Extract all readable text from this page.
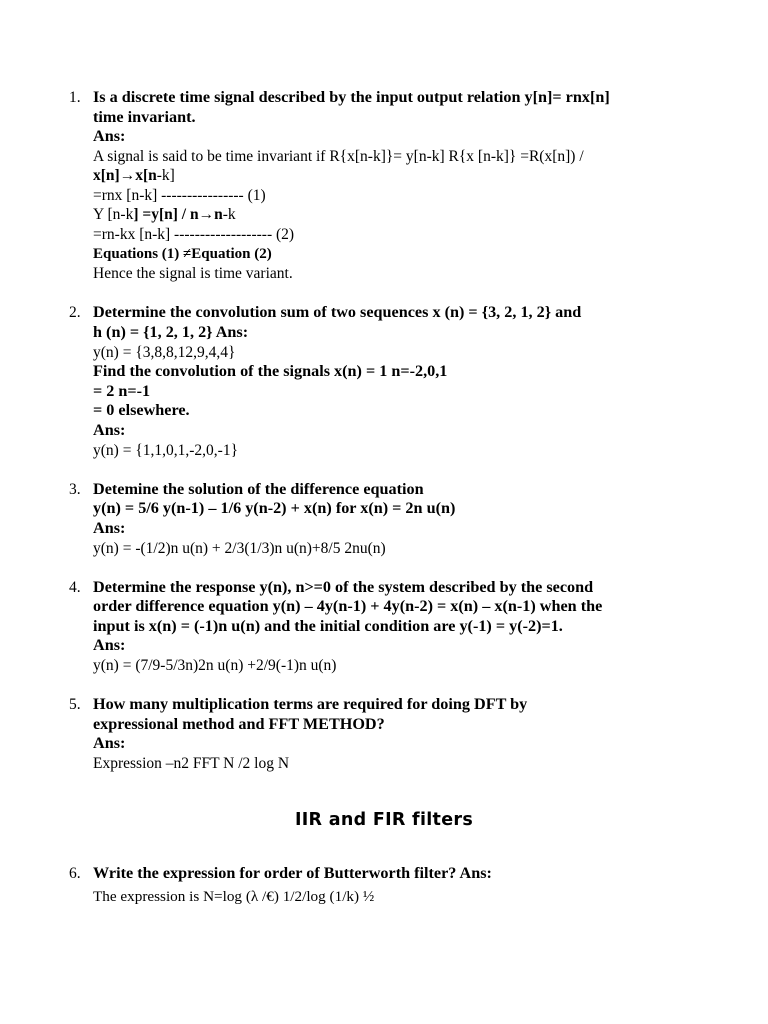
1. Is a discrete time signal described by the input output relation y[n]= rnx[n]
time invariant.
Ans:
A signal is said to be time invariant if R{x[n-k]}= y[n-k] R{x [n-k]} =R(x[n]) /
x[n]→x[n-k]
=rnx [n-k] ---------------- (1)
Y [n-k] =y[n] / n→n-k
=rn-kx [n-k] ------------------- (2)
Equations (1) ≠Equation (2)
Hence the signal is time variant.
2. Determine the convolution sum of two sequences x (n) = {3, 2, 1, 2} and
h (n) = {1, 2, 1, 2} Ans:
y(n) = {3,8,8,12,9,4,4}
Find the convolution of the signals x(n) = 1 n=-2,0,1
= 2 n=-1
= 0 elsewhere.
Ans:
y(n) = {1,1,0,1,-2,0,-1}
3. Detemine the solution of the difference equation
y(n) = 5/6 y(n-1) – 1/6 y(n-2) + x(n) for x(n) = 2n u(n)
Ans:
y(n) = -(1/2)n u(n) + 2/3(1/3)n u(n)+8/5 2nu(n)
4. Determine the response y(n), n>=0 of the system described by the second
order difference equation y(n) – 4y(n-1) + 4y(n-2) = x(n) – x(n-1) when the
input is x(n) = (-1)n u(n) and the initial condition are y(-1) = y(-2)=1.
Ans:
y(n) = (7/9-5/3n)2n u(n) +2/9(-1)n u(n)
5. How many multiplication terms are required for doing DFT by
expressional method and FFT METHOD?
Ans:
Expression –n2 FFT N /2 log N
IIR and FIR filters
6. Write the expression for order of Butterworth filter? Ans:
The expression is N=log (λ /€) 1/2/log (1/k) ½
